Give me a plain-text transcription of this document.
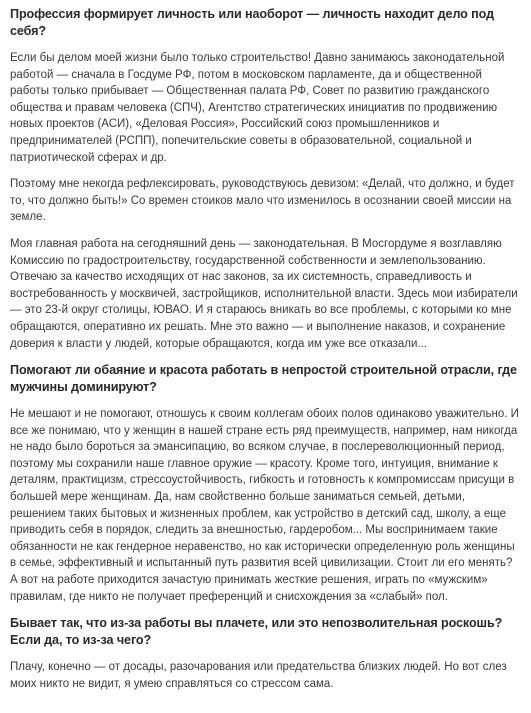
Профессия формирует личность или наоборот — личность находит дело под себя?

Если бы делом моей жизни было только строительство! Давно занимаюсь законодательной работой — сначала в Госдуме РФ, потом в московском парламенте, да и общественной работы только прибывает — Общественная палата РФ, Совет по развитию гражданского общества и правам человека (СПЧ), Агентство стратегических инициатив по продвижению новых проектов (АСИ), «Деловая Россия», Российский союз промышленников и предпринимателей (РСПП), попечительские советы в образовательной, социальной и патриотической сферах и др.

Поэтому мне некогда рефлексировать, руководствуюсь девизом: «Делай, что должно, и будет то, что должно быть!» Со времен стоиков мало что изменилось в осознании своей миссии на земле.

Моя главная работа на сегодняшний день — законодательная. В Мосгордуме я возглавляю Комиссию по градостроительству, государственной собственности и землепользованию. Отвечаю за качество исходящих от нас законов, за их системность, справедливость и востребованность у москвичей, застройщиков, исполнительной власти. Здесь мои избиратели — это 23-й округ столицы, ЮВАО. И я стараюсь вникать во все проблемы, с которыми ко мне обращаются, оперативно их решать. Мне это важно — и выполнение наказов, и сохранение доверия к власти у людей, которые обращаются, когда им уже все отказали...

Помогают ли обаяние и красота работать в непростой строительной отрасли, где мужчины доминируют?

Не мешают и не помогают, отношусь к своим коллегам обоих полов одинаково уважительно. И все же понимаю, что у женщин в нашей стране есть ряд преимуществ, например, нам никогда не надо было бороться за эмансипацию, во всяком случае, в послереволюционный период, поэтому мы сохранили наше главное оружие — красоту. Кроме того, интуиция, внимание к деталям, практицизм, стрессоустойчивость, гибкость и готовность к компромиссам присущи в большей мере женщинам. Да, нам свойственно больше заниматься семьей, детьми, решением таких бытовых и жизненных проблем, как устройство в детский сад, школу, а еще приводить себя в порядок, следить за внешностью, гардеробом... Мы воспринимаем такие обязанности не как гендерное неравенство, но как исторически определенную роль женщины в семье, эффективный и испытанный путь развития всей цивилизации. Стоит ли его менять? А вот на работе приходится зачастую принимать жесткие решения, играть по «мужским» правилам, где никто не получает преференций и снисхождения за «слабый» пол.

Бывает так, что из-за работы вы плачете, или это непозволительная роскошь? Если да, то из-за чего?

Плачу, конечно — от досады, разочарования или предательства близких людей. Но вот слез моих никто не видит, я умею справляться со стрессом сама.
